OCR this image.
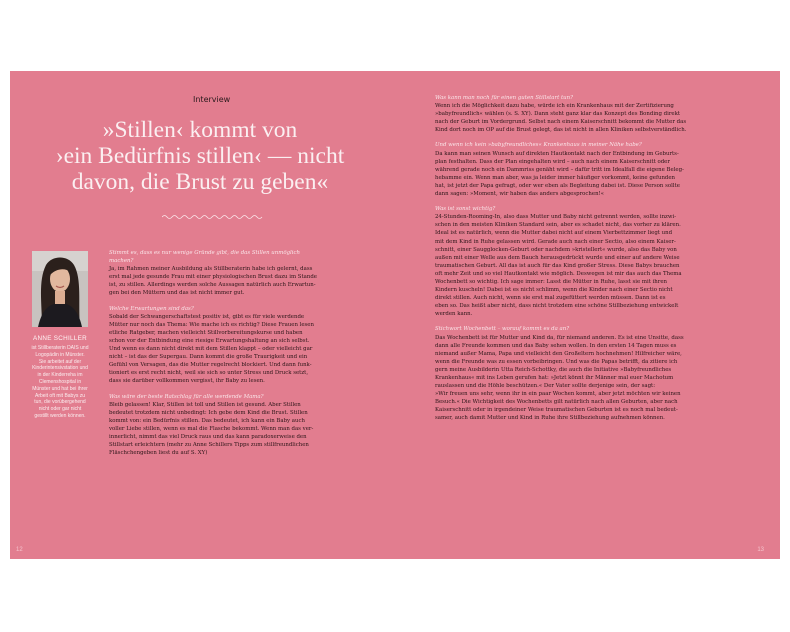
Interview
»Stillen‹ kommt von
›ein Bedürfnis stillen‹ — nicht
davon, die Brust zu geben«
ANNE SCHILLER
ist Stillberaterin DAIS und
Logopädin in Münster.
Sie arbeitet auf der
Kinderintensivstation und
in der Kinderreha im
Clemenshospital in
Münster und hat bei ihrer
Arbeit oft mit Babys zu
tun, die vorübergehend
nicht oder gar nicht
gestillt werden können.
Stimmt es, dass es nur wenige Gründe gibt, die das Stillen unmöglich
machen?
Ja, im Rahmen meiner Ausbildung als Stillberaterin habe ich gelernt, dass
erst mal jede gesunde Frau mit einer physiologischen Brust dazu im Stande
ist, zu stillen. Allerdings werden solche Aussagen natürlich auch Erwartun-
gen bei den Müttern und das ist nicht immer gut.
Welche Erwartungen sind das?
Sobald der Schwangerschaftstest positiv ist, gibt es für viele werdende
Mütter nur noch das Thema: Wie mache ich es richtig? Diese Frauen lesen
etliche Ratgeber, machen vielleicht Stillvorbereitungskurse und haben
schon vor der Entbindung eine riesige Erwartungshaltung an sich selbst.
Und wenn es dann nicht direkt mit dem Stillen klappt – oder vielleicht gar
nicht – ist das der Supergau. Dann kommt die große Traurigkeit und ein
Gefühl von Versagen, das die Mutter regelrecht blockiert. Und dann funk-
tioniert es erst recht nicht, weil sie sich so unter Stress und Druck setzt,
dass sie darüber vollkommen vergisst, ihr Baby zu lesen.
Was wäre der beste Ratschlag für alle werdende Mama?
Bleib gelassen! Klar, Stillen ist toll und Stillen ist gesund. Aber Stillen
bedeutet trotzdem nicht unbedingt: Ich gebe dem Kind die Brust. Stillen
kommt von: ein Bedürfnis stillen. Das bedeutet, ich kann ein Baby auch
voller Liebe stillen, wenn es mal die Flasche bekommt. Wenn man das ver-
innerlicht, nimmt das viel Druck raus und das kann paradoxerweise den
Stillstart erleichtern (mehr zu Anne Schillers Tipps zum stillfreundlichen
Fläschchengeben liest du auf S. XY)
Was kann man noch für einen guten Stillstart tun?
Wenn ich die Möglichkeit dazu habe, würde ich ein Krankenhaus mit der Zertifizierung
»babyfreundlich« wählen (s. S. XY). Dann steht ganz klar das Konzept des Bonding direkt
nach der Geburt im Vordergrund. Selbst nach einem Kaiserschnitt bekommt die Mutter das
Kind dort noch im OP auf die Brust gelegt, das ist nicht in allen Kliniken selbstverständlich.
Und wenn ich kein »babyfreundliches« Krankenhaus in meiner Nähe habe?
Da kann man seinen Wunsch auf direkten Hautkontakt nach der Entbindung im Geburts-
plan festhalten. Dass der Plan eingehalten wird – auch nach einem Kaiserschnitt oder
während gerade noch ein Dammriss genäht wird – dafür tritt im Idealfall die eigene Beleg-
hebamme ein. Wenn man aber, was ja leider immer häufiger vorkommt, keine gefunden
hat, ist jetzt der Papa gefragt, oder wer eben als Begleitung dabei ist. Diese Person sollte
dann sagen: »Moment, wir haben das anders abgesprochen!«
Was ist sonst wichtig?
24-Stunden-Rooming-In, also dass Mutter und Baby nicht getrennt werden, sollte inzwi-
schen in den meisten Kliniken Standard sein, aber es schadet nicht, das vorher zu klären.
Ideal ist es natürlich, wenn die Mutter dabei nicht auf einem Vierbettzimmer liegt und
mit dem Kind in Ruhe gelassen wird. Gerade auch nach einer Sectio, also einem Kaiser-
schnitt, einer Saugglocken-Geburt oder nachdem »kristellert« wurde, also das Baby von
außen mit einer Welle aus dem Bauch herausgedrückt wurde und einer auf andere Weise
traumatischen Geburt. All das ist auch für das Kind großer Stress. Diese Babys brauchen
oft mehr Zeit und so viel Hautkontakt wie möglich. Deswegen ist mir das auch das Thema
Wochenbett so wichtig. Ich sage immer: Lasst die Mütter in Ruhe, lasst sie mit ihren
Kindern kuscheln! Dabei ist es nicht schlimm, wenn die Kinder nach einer Sectio nicht
direkt stillen. Auch nicht, wenn sie erst mal zugefüttert werden müssen. Dann ist es
eben so. Das heißt aber nicht, dass nicht trotzdem eine schöne Stillbeziehung entwickelt
werden kann.
Stichwort Wochenbett – worauf kommt es da an?
Das Wochenbett ist für Mutter und Kind da, für niemand anderen. Es ist eine Unsitte, dass
dann alle Freunde kommen und das Baby sehen wollen. In den ersten 14 Tagen muss es
niemand außer Mama, Papa und vielleicht den Großeltern hochnehmen! Hilfreicher wäre,
wenn die Freunde was zu essen vorbeibringen. Und was die Papas betrifft, da zitiere ich
gern meine Ausbilderin Utta Reich-Schottky, die auch die Initiative »Babyfreundliches
Krankenhaus« mit ins Leben gerufen hat: »Jetzt könnt ihr Männer mal euer Machotum
rauslassen und die Höhle beschützen.« Der Vater sollte derjenige sein, der sagt:
»Wir freuen uns sehr, wenn ihr in ein paar Wochen kommt, aber jetzt möchten wir keinen
Besuch.« Die Wichtigkeit des Wochenbetts gilt natürlich nach allen Geburten, aber nach
Kaiserschnitt oder in irgendeiner Weise traumatischen Geburten ist es noch mal bedeut-
samer, auch damit Mutter und Kind in Ruhe ihre Stillbeziehung aufnehmen können.
12	13
